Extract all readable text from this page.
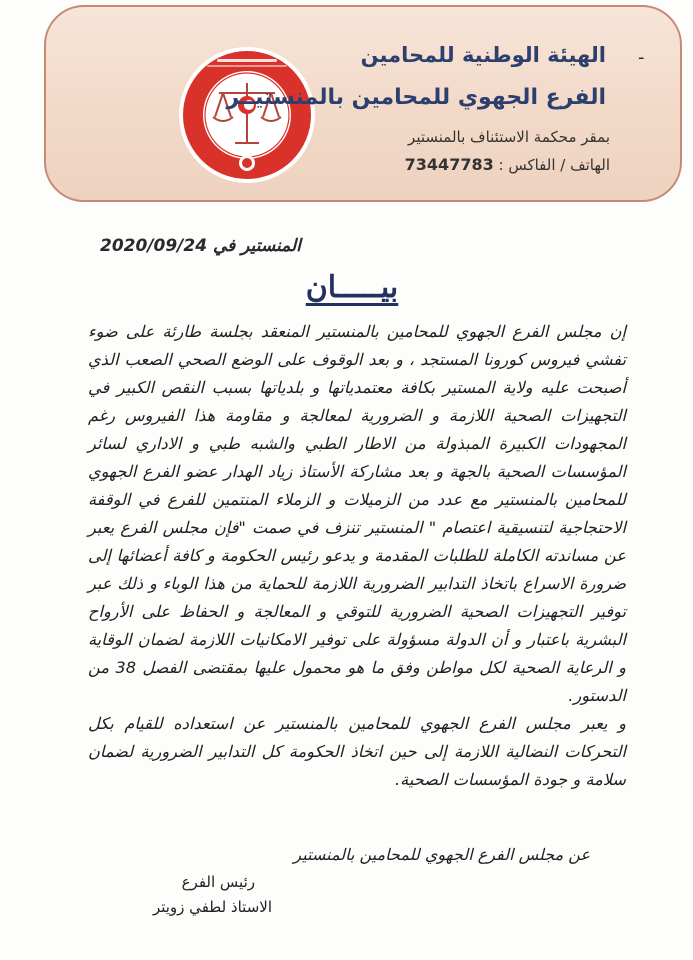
-
الهيئة الوطنية للمحامين
الفرع الجهوي للمحامين بالمنستيــر
بمقر محكمة الاستئناف بالمنستير
الهاتف / الفاكس : 73447783
المنستير في 2020/09/24
بيـــــان

إن مجلس الفرع الجهوي للمحامين بالمنستير المنعقد بجلسة طارئة على ضوء تفشي فيروس كورونا المستجد ، و بعد الوقوف على الوضع الصحي الصعب الذي أصبحت عليه ولاية المستير بكافة معتمدياتها و بلدياتها بسبب النقص الكبير في التجهيزات الصحية اللازمة و الضرورية لمعالجة و مقاومة هذا الفيروس رغم المجهودات الكبيرة المبذولة من الاطار الطبي والشبه طبي و الاداري لسائر المؤسسات الصحية بالجهة و بعد مشاركة الأستاذ زياد الهدار عضو الفرع الجهوي للمحامين بالمنستير مع عدد من الزميلات و الزملاء المنتمين للفرع في الوقفة الاحتجاجية لتنسيقية اعتصام " المنستير تنزف في صمت "فإن مجلس الفرع يعبر عن مساندته الكاملة للطلبات المقدمة و يدعو رئيس الحكومة و كافة أعضائها إلى ضرورة الاسراع باتخاذ التدابير الضرورية اللازمة للحماية من هذا الوباء و ذلك عبر توفير التجهيزات الصحية الضرورية للتوقي و المعالجة و الحفاظ على الأرواح البشرية باعتبار و أن الدولة مسؤولة على توفير الامكانيات اللازمة لضمان الوقاية و الرعاية الصحية لكل مواطن وفق ما هو محمول عليها بمقتضى الفصل 38 من الدستور.

و يعبر مجلس الفرع الجهوي للمحامين بالمنستير عن استعداده للقيام بكل التحركات النضالية اللازمة إلى حين اتخاذ الحكومة كل التدابير الضرورية لضمان سلامة و جودة المؤسسات الصحية.

عن مجلس الفرع الجهوي للمحامين بالمنستير
رئيس الفرع
الاستاذ لطفي زويتر
